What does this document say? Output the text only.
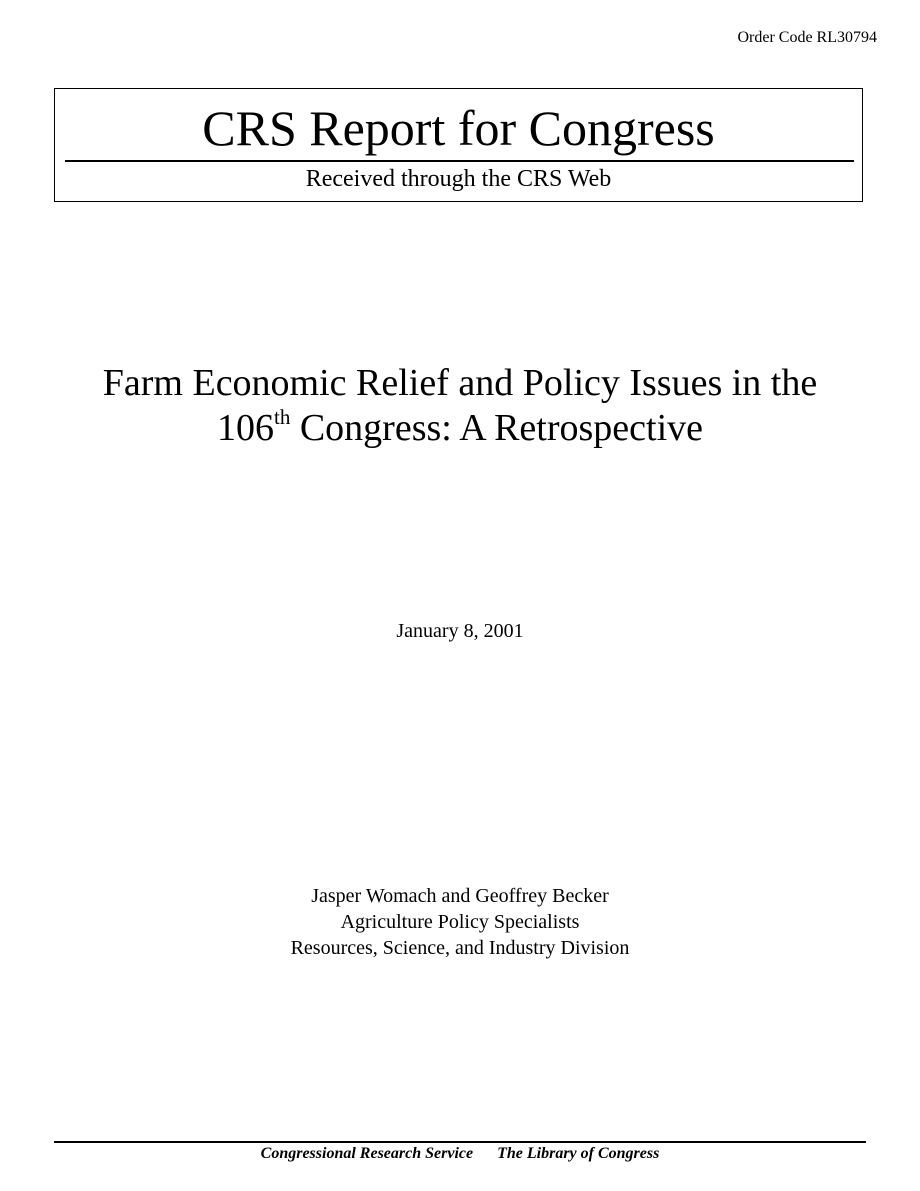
Order Code RL30794
CRS Report for Congress
Received through the CRS Web
Farm Economic Relief and Policy Issues in the
106th Congress: A Retrospective
January 8, 2001
Jasper Womach and Geoffrey Becker
Agriculture Policy Specialists
Resources, Science, and Industry Division
Congressional Research Service The Library of Congress
